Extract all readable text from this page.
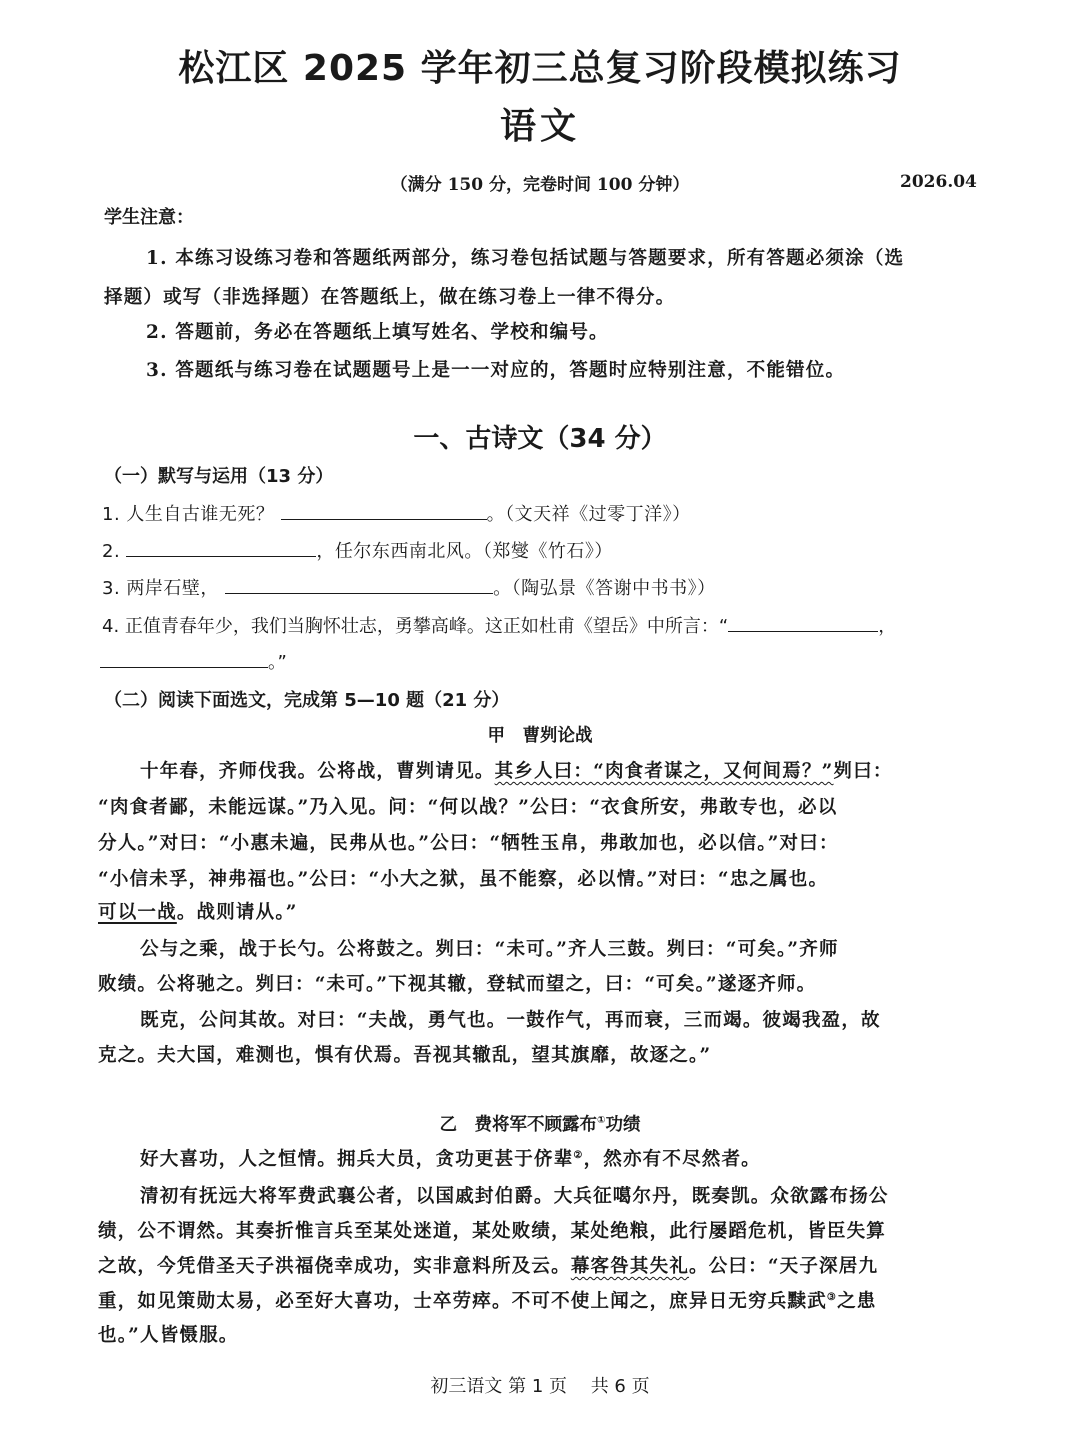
松江区 2025 学年初三总复习阶段模拟练习
语文
（满分 150 分，完卷时间 100 分钟）	2026.04
学生注意：
1. 本练习设练习卷和答题纸两部分，练习卷包括试题与答题要求，所有答题必须涂（选
择题）或写（非选择题）在答题纸上，做在练习卷上一律不得分。
2. 答题前，务必在答题纸上填写姓名、学校和编号。
3. 答题纸与练习卷在试题题号上是一一对应的，答题时应特别注意，不能错位。
一、古诗文（34 分）
（一）默写与运用（13 分）
1. 人生自古谁无死？	。（文天祥《过零丁洋》）
2.	，任尔东西南北风。（郑燮《竹石》）
3. 两岸石壁，	。（陶弘景《答谢中书书》）
4. 正值青春年少，我们当胸怀壮志，勇攀高峰。这正如杜甫《望岳》中所言：“	，
。”
（二）阅读下面选文，完成第 5—10 题（21 分）
甲　曹刿论战
十年春，齐师伐我。公将战，曹刿请见。其乡人曰：“肉食者谋之，又何间焉？”刿曰：
“肉食者鄙，未能远谋。”乃入见。问：“何以战？”公曰：“衣食所安，弗敢专也，必以
分人。”对曰：“小惠未遍，民弗从也。”公曰：“牺牲玉帛，弗敢加也，必以信。”对曰：
“小信未孚，神弗福也。”公曰：“小大之狱，虽不能察，必以情。”对曰：“忠之属也。
可以一战。战则请从。”
公与之乘，战于长勺。公将鼓之。刿曰：“未可。”齐人三鼓。刿曰：“可矣。”齐师
败绩。公将驰之。刿曰：“未可。”下视其辙，登轼而望之，曰：“可矣。”遂逐齐师。
既克，公问其故。对曰：“夫战，勇气也。一鼓作气，再而衰，三而竭。彼竭我盈，故
克之。夫大国，难测也，惧有伏焉。吾视其辙乱，望其旗靡，故逐之。”
乙　费将军不顾露布①功绩
好大喜功，人之恒情。拥兵大员，贪功更甚于侪辈②，然亦有不尽然者。
清初有抚远大将军费武襄公者，以国戚封伯爵。大兵征噶尔丹，既奏凯。众欲露布扬公
绩，公不谓然。其奏折惟言兵至某处迷道，某处败绩，某处绝粮，此行屡蹈危机，皆臣失算
之故，今凭借圣天子洪福侥幸成功，实非意料所及云。幕客咎其失礼。公曰：“天子深居九
重，如见策勋太易，必至好大喜功，士卒劳瘁。不可不使上闻之，庶异日无穷兵黩武③之患
也。”人皆慑服。
初三语文 第 1 页　 共 6 页
